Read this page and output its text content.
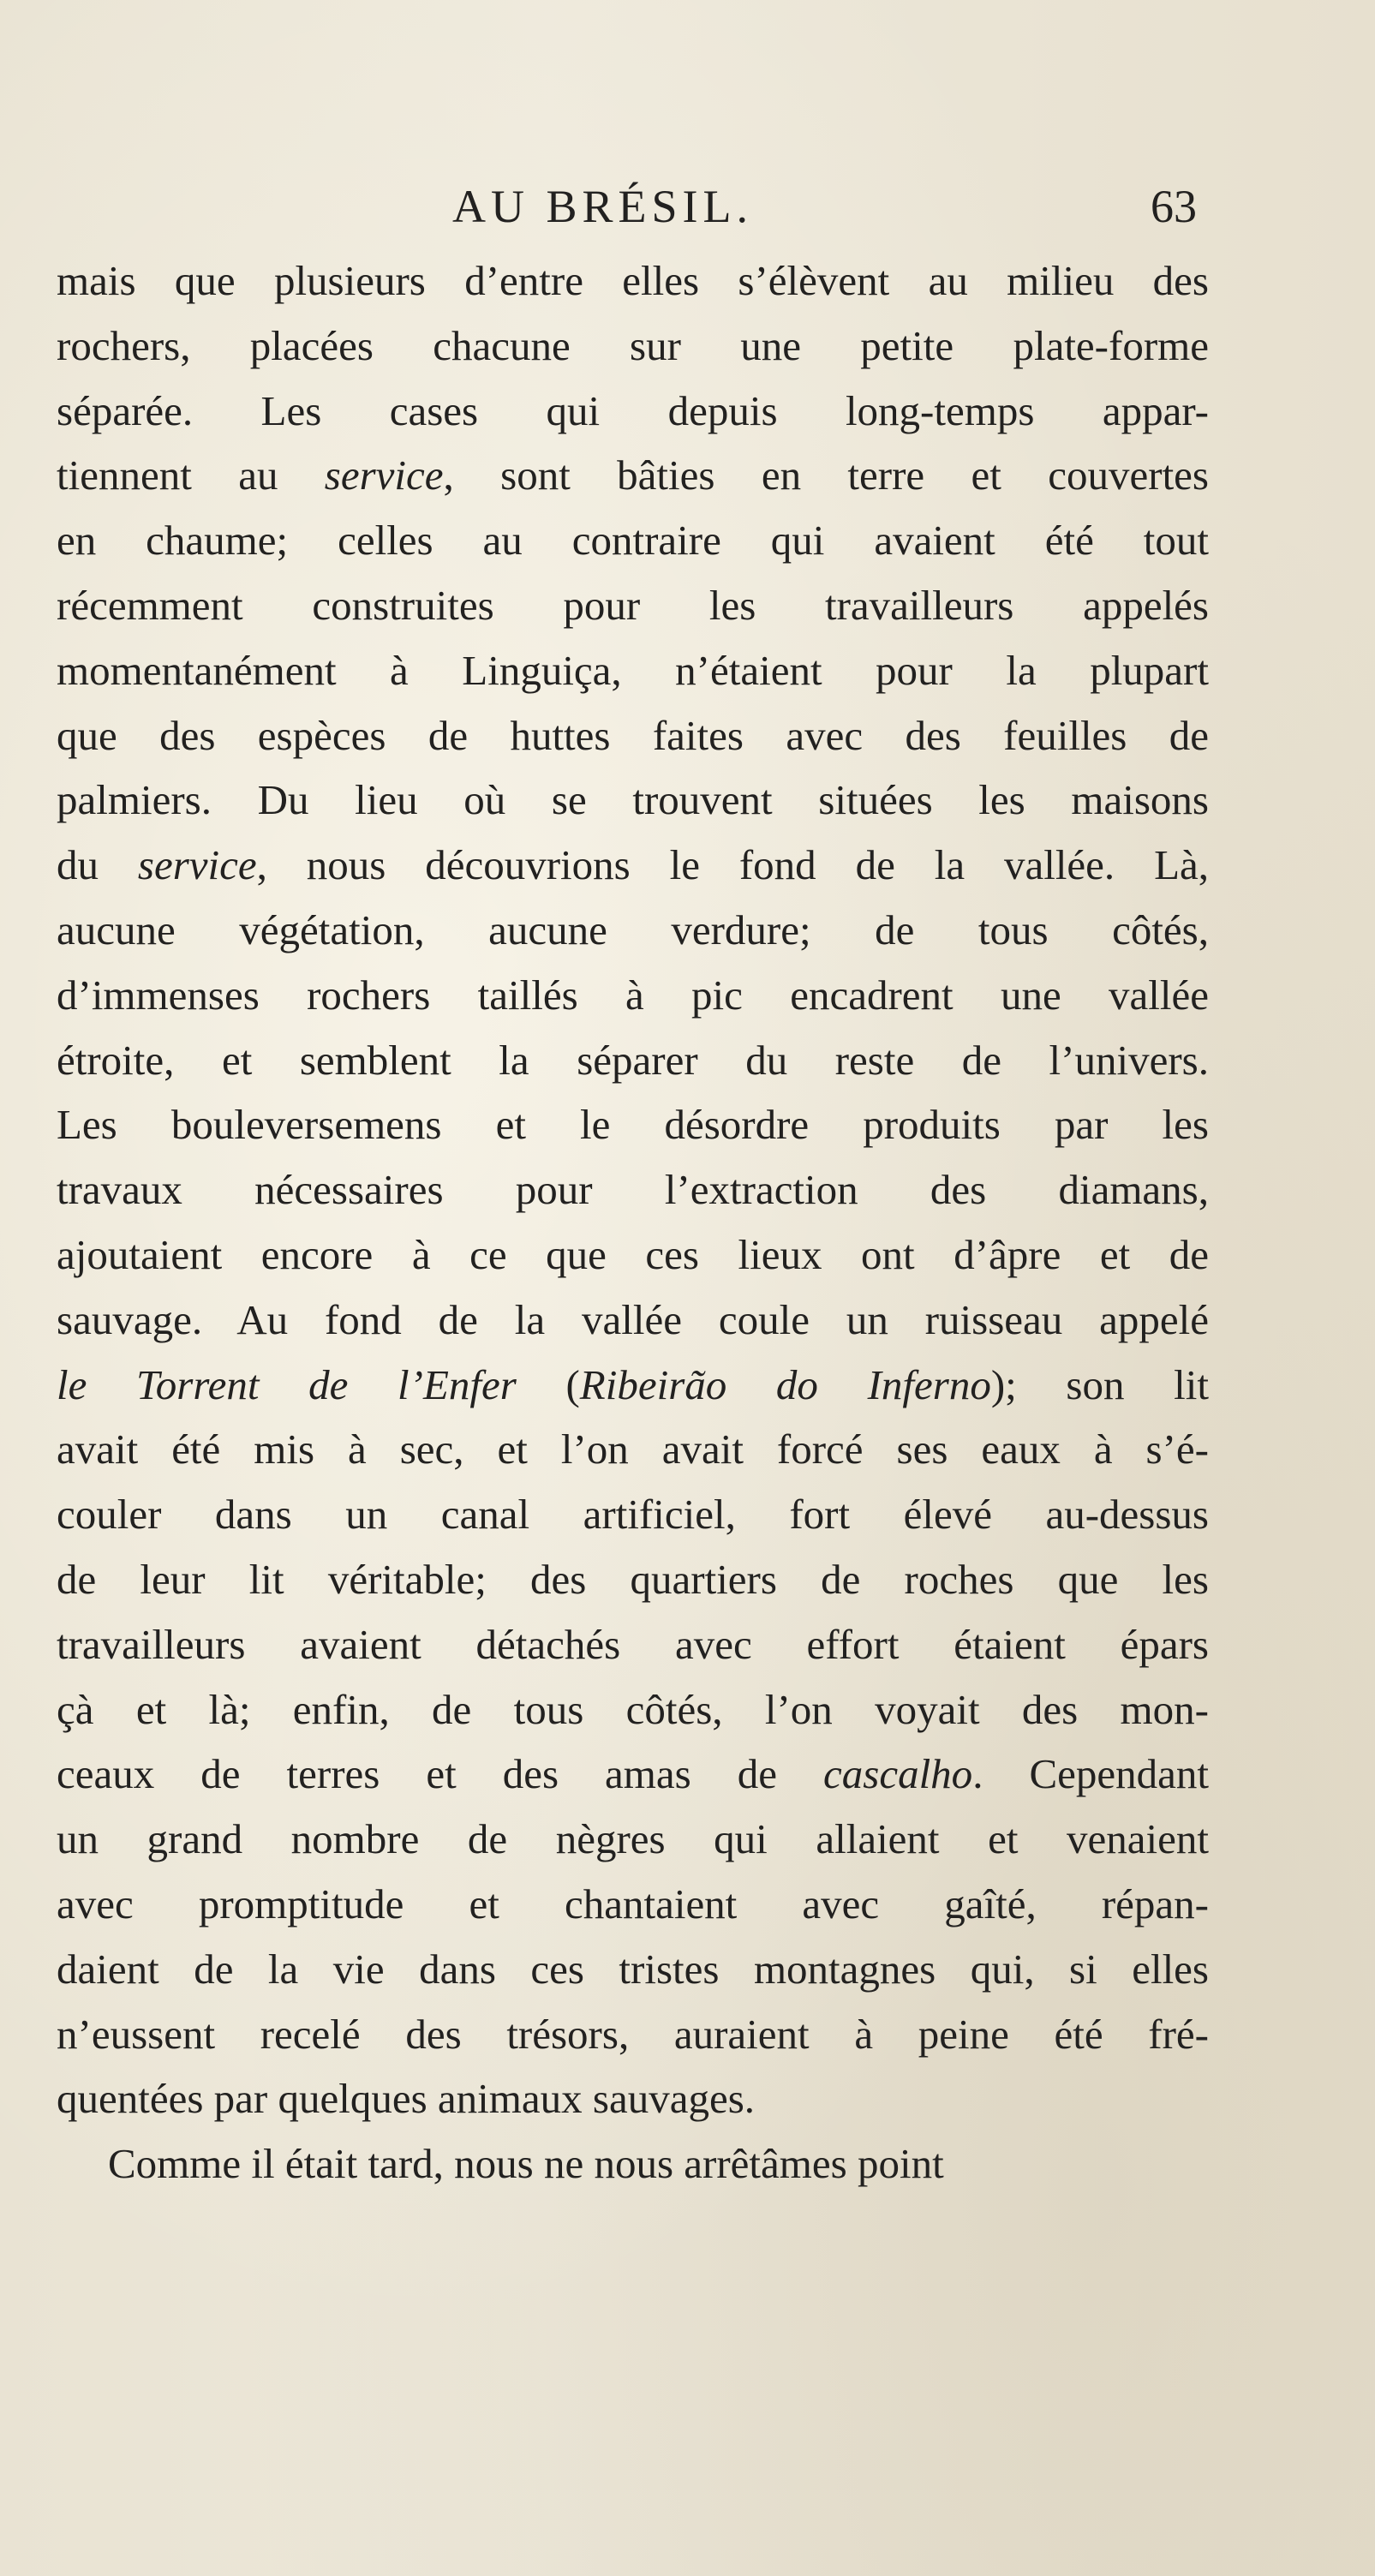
AU BRÉSIL.	63
mais que plusieurs d’entre elles s’élèvent au milieu des
rochers, placées chacune sur une petite plate-forme
séparée. Les cases qui depuis long-temps appar-
tiennent au service, sont bâties en terre et couvertes
en chaume; celles au contraire qui avaient été tout
récemment construites pour les travailleurs appelés
momentanément à Linguiça, n’étaient pour la plupart
que des espèces de huttes faites avec des feuilles de
palmiers. Du lieu où se trouvent situées les maisons
du service, nous découvrions le fond de la vallée. Là,
aucune végétation, aucune verdure; de tous côtés,
d’immenses rochers taillés à pic encadrent une vallée
étroite, et semblent la séparer du reste de l’univers.
Les bouleversemens et le désordre produits par les
travaux nécessaires pour l’extraction des diamans,
ajoutaient encore à ce que ces lieux ont d’âpre et de
sauvage. Au fond de la vallée coule un ruisseau appelé
le Torrent de l’Enfer (Ribeirão do Inferno); son lit
avait été mis à sec, et l’on avait forcé ses eaux à s’é-
couler dans un canal artificiel, fort élevé au-dessus
de leur lit véritable; des quartiers de roches que les
travailleurs avaient détachés avec effort étaient épars
çà et là; enfin, de tous côtés, l’on voyait des mon-
ceaux de terres et des amas de cascalho. Cependant
un grand nombre de nègres qui allaient et venaient
avec promptitude et chantaient avec gaîté, répan-
daient de la vie dans ces tristes montagnes qui, si elles
n’eussent recelé des trésors, auraient à peine été fré-
quentées par quelques animaux sauvages.
Comme il était tard, nous ne nous arrêtâmes point
